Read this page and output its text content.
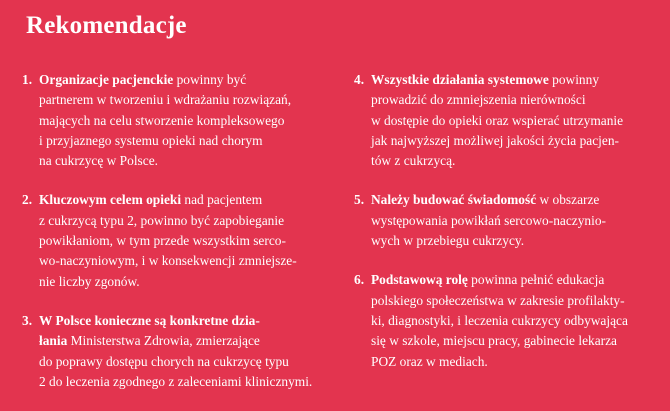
Rekomendacje
1. Organizacje pacjenckie powinny być
partnerem w tworzeniu i wdrażaniu rozwiązań,
mających na celu stworzenie kompleksowego
i przyjaznego systemu opieki nad chorym
na cukrzycę w Polsce.
2. Kluczowym celem opieki nad pacjentem
z cukrzycą typu 2, powinno być zapobieganie
powikłaniom, w tym przede wszystkim serco-
wo-naczyniowym, i w konsekwencji zmniejsze-
nie liczby zgonów.
3. W Polsce konieczne są konkretne dzia-
łania Ministerstwa Zdrowia, zmierzające
do poprawy dostępu chorych na cukrzycę typu
2 do leczenia zgodnego z zaleceniami klinicznymi.
4. Wszystkie działania systemowe powinny
prowadzić do zmniejszenia nierówności
w dostępie do opieki oraz wspierać utrzymanie
jak najwyższej możliwej jakości życia pacjen-
tów z cukrzycą.
5. Należy budować świadomość w obszarze
występowania powikłań sercowo-naczynio-
wych w przebiegu cukrzycy.
6. Podstawową rolę powinna pełnić edukacja
polskiego społeczeństwa w zakresie profilakty-
ki, diagnostyki, i leczenia cukrzycy odbywająca
się w szkole, miejscu pracy, gabinecie lekarza
POZ oraz w mediach.
